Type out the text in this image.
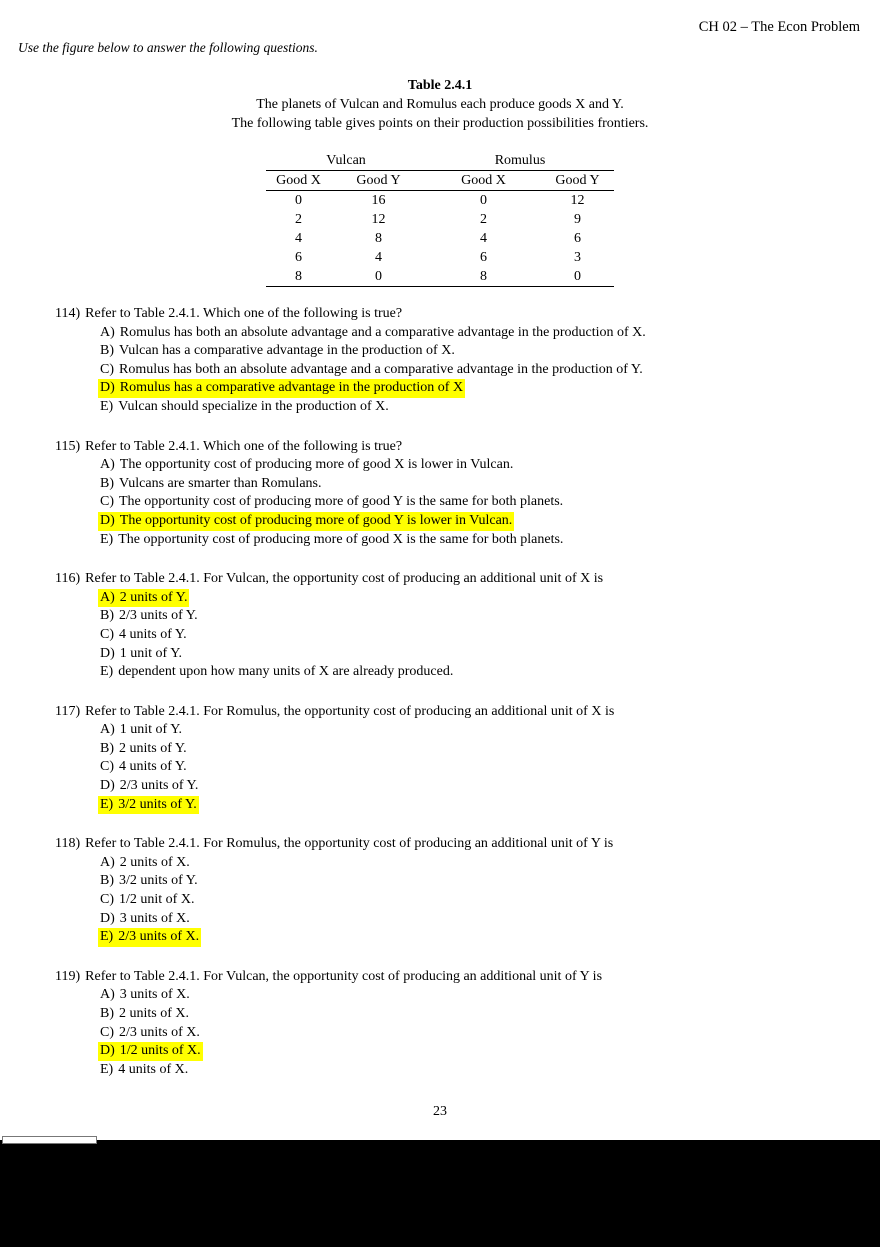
CH 02 – The Econ Problem
Use the figure below to answer the following questions.
Table 2.4.1
The planets of Vulcan and Romulus each produce goods X and Y.
The following table gives points on their production possibilities frontiers.
Vulcan		Romulus	
Good X	Good Y	Good X	Good Y
0	16	0	12
2	12	2	9
4	8	4	6
6	4	6	3
8	0	8	0
114) Refer to Table 2.4.1. Which one of the following is true?
A) Romulus has both an absolute advantage and a comparative advantage in the production of X.
B) Vulcan has a comparative advantage in the production of X.
C) Romulus has both an absolute advantage and a comparative advantage in the production of Y.
D) Romulus has a comparative advantage in the production of X
E) Vulcan should specialize in the production of X.
115) Refer to Table 2.4.1. Which one of the following is true?
A) The opportunity cost of producing more of good X is lower in Vulcan.
B) Vulcans are smarter than Romulans.
C) The opportunity cost of producing more of good Y is the same for both planets.
D) The opportunity cost of producing more of good Y is lower in Vulcan.
E) The opportunity cost of producing more of good X is the same for both planets.
116) Refer to Table 2.4.1. For Vulcan, the opportunity cost of producing an additional unit of X is
A) 2 units of Y.
B) 2/3 units of Y.
C) 4 units of Y.
D) 1 unit of Y.
E) dependent upon how many units of X are already produced.
117) Refer to Table 2.4.1. For Romulus, the opportunity cost of producing an additional unit of X is
A) 1 unit of Y.
B) 2 units of Y.
C) 4 units of Y.
D) 2/3 units of Y.
E) 3/2 units of Y.
118) Refer to Table 2.4.1. For Romulus, the opportunity cost of producing an additional unit of Y is
A) 2 units of X.
B) 3/2 units of Y.
C) 1/2 unit of X.
D) 3 units of X.
E) 2/3 units of X.
119) Refer to Table 2.4.1. For Vulcan, the opportunity cost of producing an additional unit of Y is
A) 3 units of X.
B) 2 units of X.
C) 2/3 units of X.
D) 1/2 units of X.
E) 4 units of X.
23
